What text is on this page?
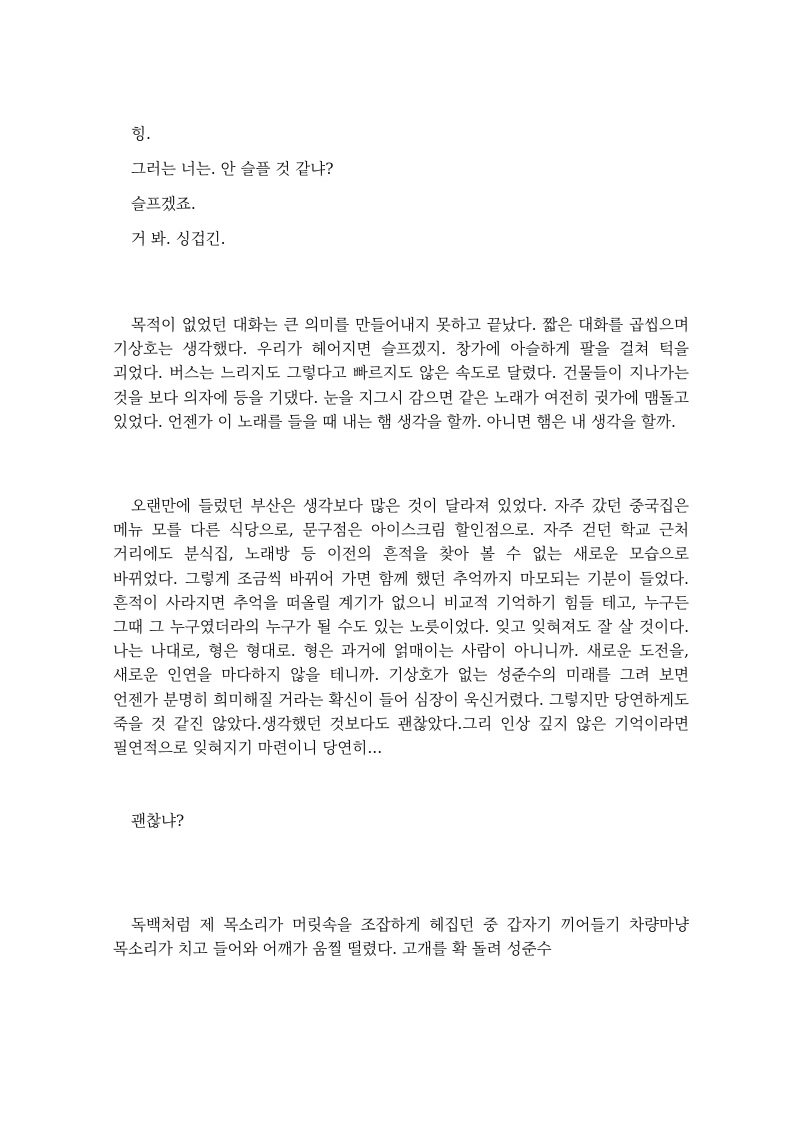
힝.

그러는 너는. 안 슬플 것 같냐?

슬프겠죠.

거 봐. 싱겁긴.

목적이 없었던 대화는 큰 의미를 만들어내지 못하고 끝났다. 짧은 대화를 곱씹으며 기상호는 생각했다. 우리가 헤어지면 슬프겠지. 창가에 아슬하게 팔을 걸쳐 턱을 괴었다. 버스는 느리지도 그렇다고 빠르지도 않은 속도로 달렸다. 건물들이 지나가는 것을 보다 의자에 등을 기댔다. 눈을 지그시 감으면 같은 노래가 여전히 귓가에 맴돌고 있었다. 언젠가 이 노래를 들을 때 내는 햄 생각을 할까. 아니면 햄은 내 생각을 할까.

오랜만에 들렀던 부산은 생각보다 많은 것이 달라져 있었다. 자주 갔던 중국집은 메뉴 모를 다른 식당으로, 문구점은 아이스크림 할인점으로. 자주 걷던 학교 근처 거리에도 분식집, 노래방 등 이전의 흔적을 찾아 볼 수 없는 새로운 모습으로 바뀌었다. 그렇게 조금씩 바뀌어 가면 함께 했던 추억까지 마모되는 기분이 들었다. 흔적이 사라지면 추억을 떠올릴 계기가 없으니 비교적 기억하기 힘들 테고, 누구든 그때 그 누구였더라의 누구가 될 수도 있는 노릇이었다. 잊고 잊혀져도 잘 살 것이다. 나는 나대로, 형은 형대로. 형은 과거에 얽매이는 사람이 아니니까. 새로운 도전을, 새로운 인연을 마다하지 않을 테니까. 기상호가 없는 성준수의 미래를 그려 보면 언젠가 분명히 희미해질 거라는 확신이 들어 심장이 욱신거렸다. 그렇지만 당연하게도 죽을 것 같진 않았다.생각했던 것보다도 괜찮았다.그리 인상 깊지 않은 기억이라면 필연적으로 잊혀지기 마련이니 당연히...

괜찮냐?

독백처럼 제 목소리가 머릿속을 조잡하게 헤집던 중 갑자기 끼어들기 차량마냥 목소리가 치고 들어와 어깨가 움찔 떨렸다. 고개를 확 돌려 성준수
